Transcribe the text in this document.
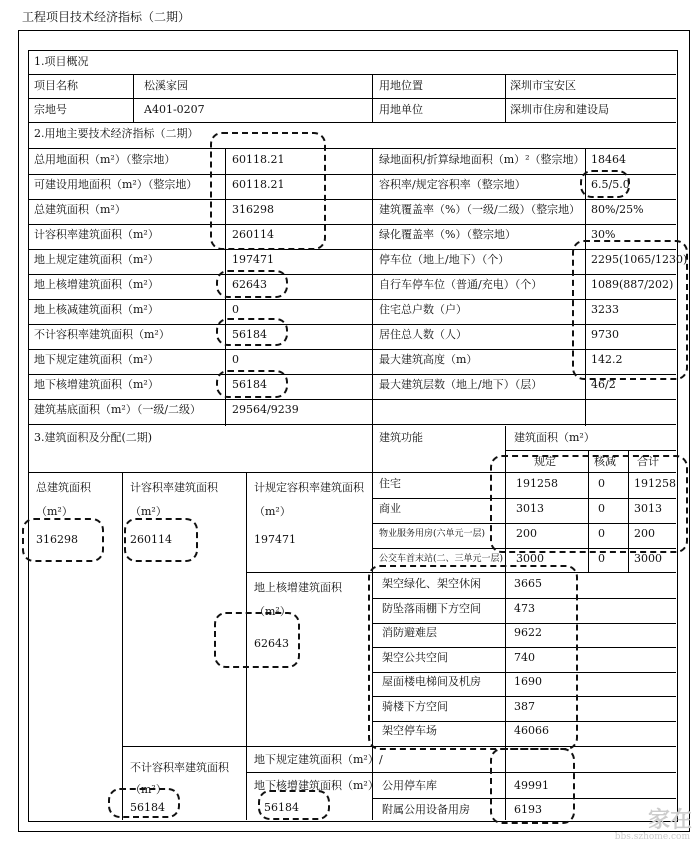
工程项目技术经济指标（二期）
1.项目概况
项目名称	松溪家园	用地位置	深圳市宝安区
宗地号	A401-0207	用地单位	深圳市住房和建设局
2.用地主要技术经济指标（二期）
总用地面积（m²）（整宗地）	60118.21	绿地面积/折算绿地面积（m）²（整宗地） 18464
可建设用地面积（m²）（整宗地）	60118.21	容积率/规定容积率（整宗地）	6.5/5.0
总建筑面积（m²）	316298	建筑覆盖率（%）（一级/二级）（整宗地） 80%/25%
计容积率建筑面积（m²）	260114	绿化覆盖率（%）（整宗地）	30%
地上规定建筑面积（m²）	197471	停车位（地上/地下）（个）	2295(1065/1230)
地上核增建筑面积（m²）	62643	自行车停车位（普通/充电）（个）	1089(887/202)
地上核减建筑面积（m²）	0	住宅总户数（户）	3233
不计容积率建筑面积（m²）	56184	居住总人数（人）	9730
地下规定建筑面积（m²）	0	最大建筑高度（m）	142.2
地下核增建筑面积（m²）	56184	最大建筑层数（地上/地下）（层）	46/2
建筑基底面积（m²）（一级/二级）	29564/9239
3.建筑面积及分配(二期)	建筑功能	建筑面积（m²）
规定	核减	合计
总建筑面积
（m²）
316298
计容积率建筑面积
（m²）
260114
计规定容积率建筑面积
（m²）
197471
住宅	191258	0	191258
商业	3013	0	3013
物业服务用房(六单元一层)	200	0	200
公交车首末站(二、三单元一层)	3000	0	3000
地上核增建筑面积
（m²）
62643
架空绿化、架空休闲	3665
防坠落雨棚下方空间	473
消防避难层	9622
架空公共空间	740
屋面楼电梯间及机房	1690
骑楼下方空间	387
架空停车场	46066
不计容积率建筑面积
（m²）
56184
地下规定建筑面积（m²） /
地下核增建筑面积（m²）
56184
公用停车库	49991
附属公用设备用房	6193	家在
bbs.szhome.com
